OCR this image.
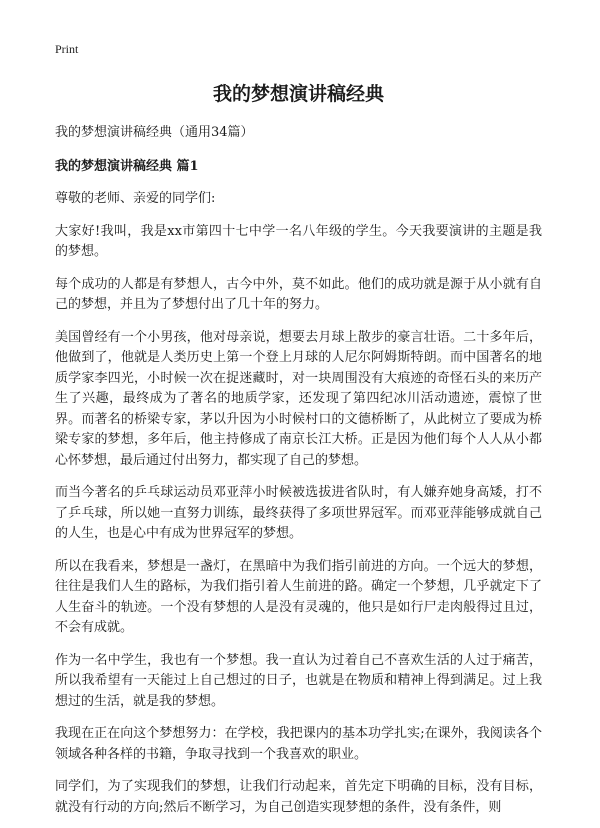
Print
我的梦想演讲稿经典
我的梦想演讲稿经典（通用34篇）
我的梦想演讲稿经典 篇1

尊敬的老师、亲爱的同学们:

大家好!我叫，我是xx市第四十七中学一名八年级的学生。今天我要演讲的主题是我的梦想。

每个成功的人都是有梦想人，古今中外，莫不如此。他们的成功就是源于从小就有自己的梦想，并且为了梦想付出了几十年的努力。

美国曾经有一个小男孩，他对母亲说，想要去月球上散步的豪言壮语。二十多年后，他做到了，他就是人类历史上第一个登上月球的人尼尔阿姆斯特朗。而中国著名的地质学家李四光，小时候一次在捉迷藏时，对一块周围没有大痕迹的奇怪石头的来历产生了兴趣，最终成为了著名的地质学家，还发现了第四纪冰川活动遗迹，震惊了世界。而著名的桥梁专家，茅以升因为小时候村口的文德桥断了，从此树立了要成为桥梁专家的梦想，多年后，他主持修成了南京长江大桥。正是因为他们每个人人从小都心怀梦想，最后通过付出努力，都实现了自己的梦想。

而当今著名的乒乓球运动员邓亚萍小时候被选拔进省队时，有人嫌弃她身高矮，打不了乒乓球，所以她一直努力训练，最终获得了多项世界冠军。而邓亚萍能够成就自己的人生，也是心中有成为世界冠军的梦想。

所以在我看来，梦想是一盏灯，在黑暗中为我们指引前进的方向。一个远大的梦想，往往是我们人生的路标，为我们指引着人生前进的路。确定一个梦想，几乎就定下了人生奋斗的轨迹。一个没有梦想的人是没有灵魂的，他只是如行尸走肉般得过且过，不会有成就。

作为一名中学生，我也有一个梦想。我一直认为过着自己不喜欢生活的人过于痛苦，所以我希望有一天能过上自己想过的日子，也就是在物质和精神上得到满足。过上我想过的生活，就是我的梦想。

我现在正在向这个梦想努力：在学校，我把课内的基本功学扎实;在课外，我阅读各个领域各种各样的书籍，争取寻找到一个我喜欢的职业。

同学们，为了实现我们的梦想，让我们行动起来，首先定下明确的目标，没有目标，就没有行动的方向;然后不断学习，为自己创造实现梦想的条件，没有条件，则
